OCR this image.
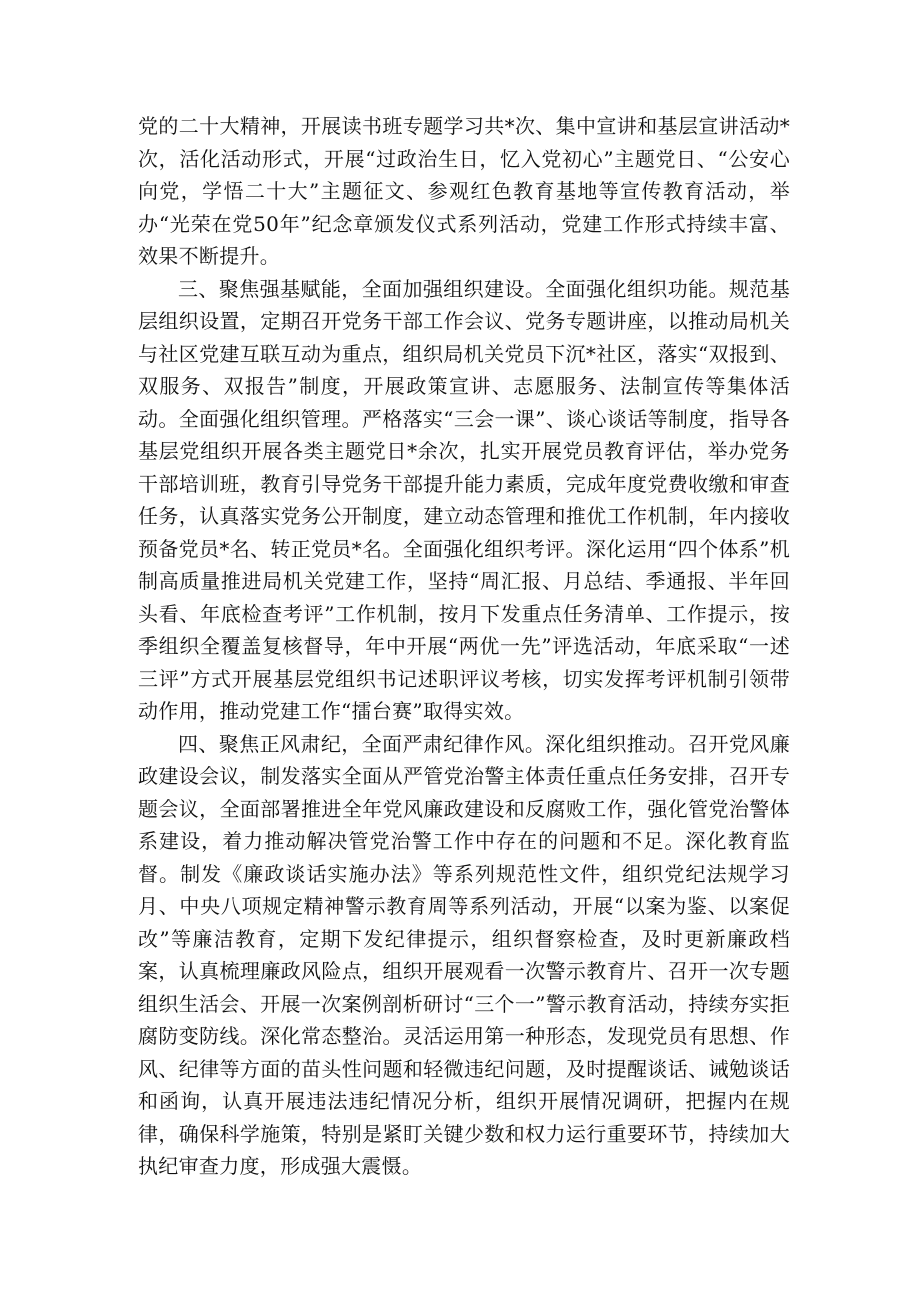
党的二十大精神，开展读书班专题学习共*次、集中宣讲和基层宣讲活动*次，活化活动形式，开展“过政治生日，忆入党初心”主题党日、“公安心向党，学悟二十大”主题征文、参观红色教育基地等宣传教育活动，举办“光荣在党50年”纪念章颁发仪式系列活动，党建工作形式持续丰富、效果不断提升。

三、聚焦强基赋能，全面加强组织建设。全面强化组织功能。规范基层组织设置，定期召开党务干部工作会议、党务专题讲座，以推动局机关与社区党建互联互动为重点，组织局机关党员下沉*社区，落实“双报到、双服务、双报告”制度，开展政策宣讲、志愿服务、法制宣传等集体活动。全面强化组织管理。严格落实“三会一课”、谈心谈话等制度，指导各基层党组织开展各类主题党日*余次，扎实开展党员教育评估，举办党务干部培训班，教育引导党务干部提升能力素质，完成年度党费收缴和审查任务，认真落实党务公开制度，建立动态管理和推优工作机制，年内接收预备党员*名、转正党员*名。全面强化组织考评。深化运用“四个体系”机制高质量推进局机关党建工作，坚持“周汇报、月总结、季通报、半年回头看、年底检查考评”工作机制，按月下发重点任务清单、工作提示，按季组织全覆盖复核督导，年中开展“两优一先”评选活动，年底采取“一述三评”方式开展基层党组织书记述职评议考核，切实发挥考评机制引领带动作用，推动党建工作“擂台赛”取得实效。

四、聚焦正风肃纪，全面严肃纪律作风。深化组织推动。召开党风廉政建设会议，制发落实全面从严管党治警主体责任重点任务安排，召开专题会议，全面部署推进全年党风廉政建设和反腐败工作，强化管党治警体系建设，着力推动解决管党治警工作中存在的问题和不足。深化教育监督。制发《廉政谈话实施办法》等系列规范性文件，组织党纪法规学习月、中央八项规定精神警示教育周等系列活动，开展“以案为鉴、以案促改”等廉洁教育，定期下发纪律提示，组织督察检查，及时更新廉政档案，认真梳理廉政风险点，组织开展观看一次警示教育片、召开一次专题组织生活会、开展一次案例剖析研讨“三个一”警示教育活动，持续夯实拒腐防变防线。深化常态整治。灵活运用第一种形态，发现党员有思想、作风、纪律等方面的苗头性问题和轻微违纪问题，及时提醒谈话、诫勉谈话和函询，认真开展违法违纪情况分析，组织开展情况调研，把握内在规律，确保科学施策，特别是紧盯关键少数和权力运行重要环节，持续加大执纪审查力度，形成强大震慑。
